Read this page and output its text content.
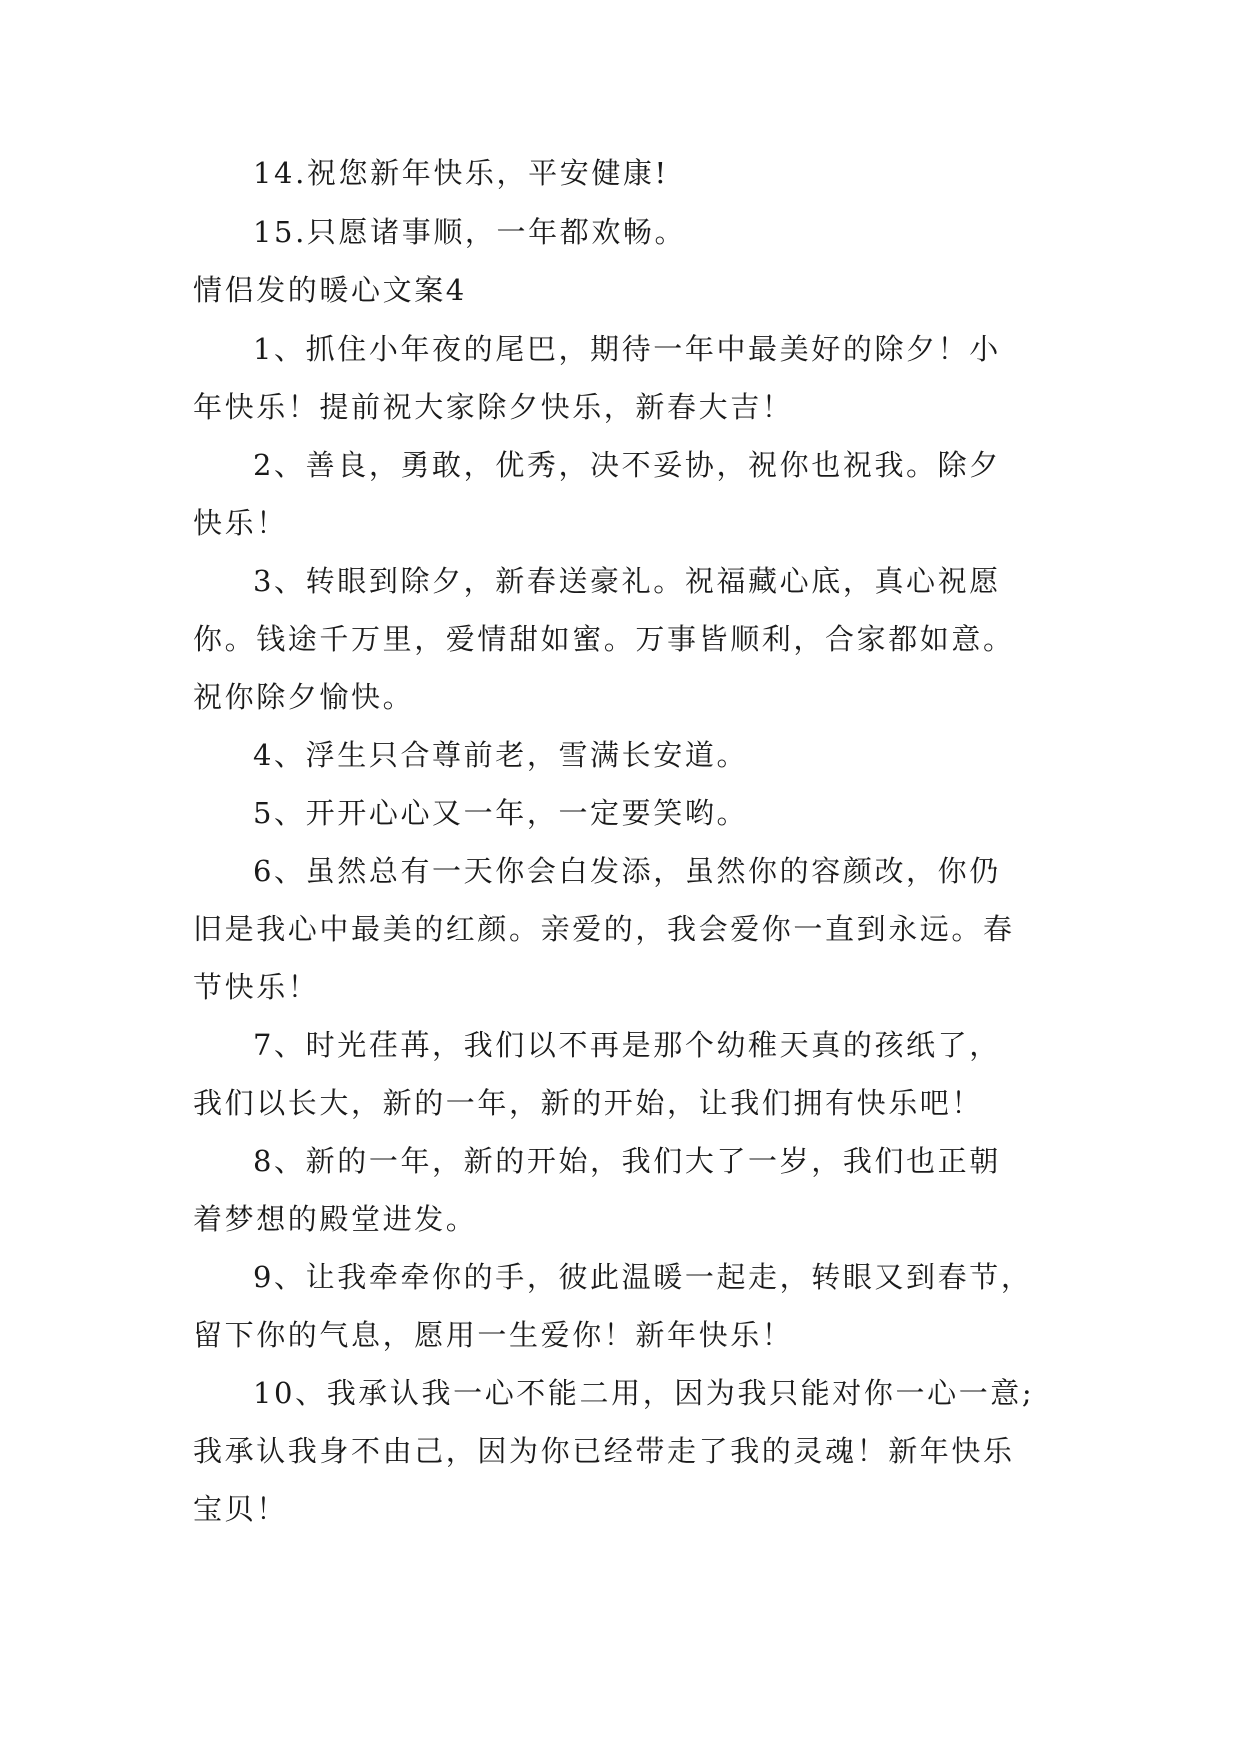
14.祝您新年快乐，平安健康!
15.只愿诸事顺，一年都欢畅。
情侣发的暖心文案4
1、抓住小年夜的尾巴，期待一年中最美好的除夕！小
年快乐！提前祝大家除夕快乐，新春大吉！
2、善良，勇敢，优秀，决不妥协，祝你也祝我。除夕
快乐！
3、转眼到除夕，新春送豪礼。祝福藏心底，真心祝愿
你。钱途千万里，爱情甜如蜜。万事皆顺利，合家都如意。
祝你除夕愉快。
4、浮生只合尊前老，雪满长安道。
5、开开心心又一年，一定要笑哟。
6、虽然总有一天你会白发添，虽然你的容颜改，你仍
旧是我心中最美的红颜。亲爱的，我会爱你一直到永远。春
节快乐！
7、时光荏苒，我们以不再是那个幼稚天真的孩纸了，
我们以长大，新的一年，新的开始，让我们拥有快乐吧！
8、新的一年，新的开始，我们大了一岁，我们也正朝
着梦想的殿堂进发。
9、让我牵牵你的手，彼此温暖一起走，转眼又到春节，
留下你的气息，愿用一生爱你！新年快乐！
10、我承认我一心不能二用，因为我只能对你一心一意;
我承认我身不由己，因为你已经带走了我的灵魂！新年快乐
宝贝！
